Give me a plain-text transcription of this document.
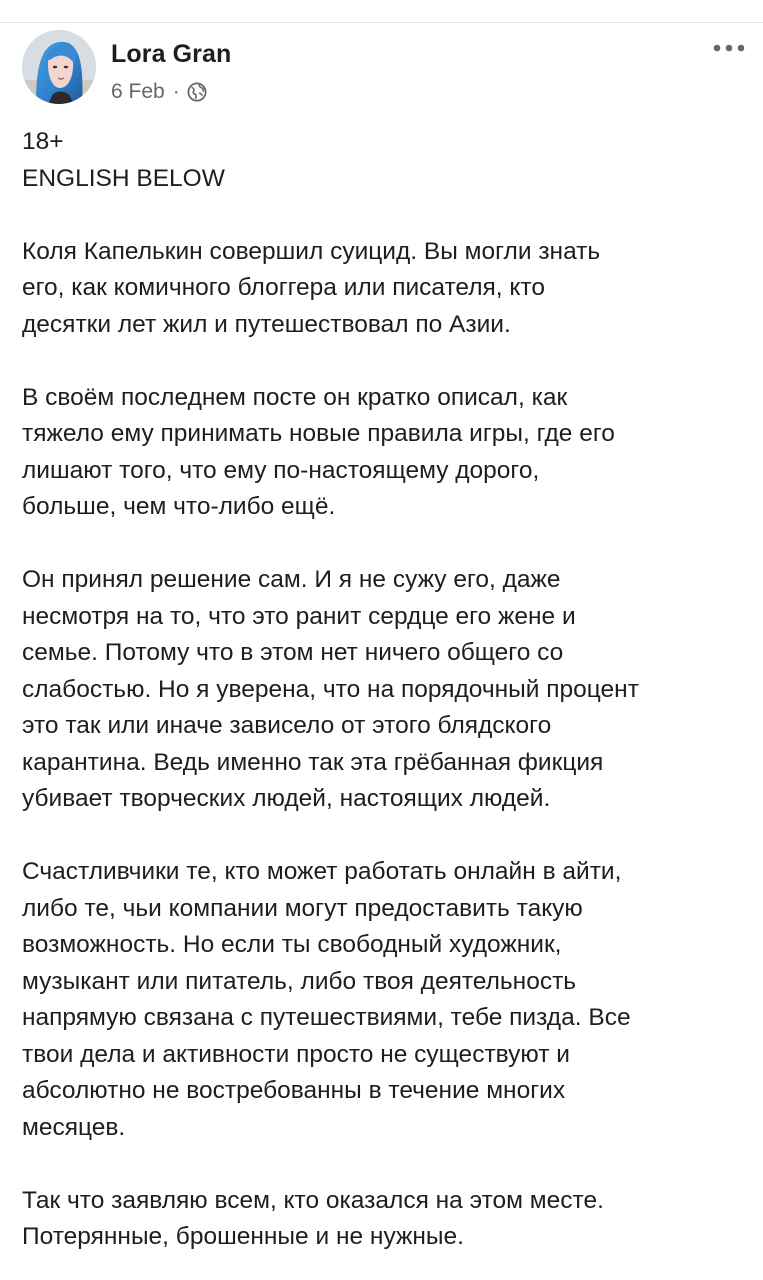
Lora Gran
6 Feb ·

18+
ENGLISH BELOW

Коля Капелькин совершил суицид. Вы могли знать
его, как комичного блоггера или писателя, кто
десятки лет жил и путешествовал по Азии.

В своём последнем посте он кратко описал, как
тяжело ему принимать новые правила игры, где его
лишают того, что ему по-настоящему дорого,
больше, чем что-либо ещё.

Он принял решение сам. И я не сужу его, даже
несмотря на то, что это ранит сердце его жене и
семье. Потому что в этом нет ничего общего со
слабостью. Но я уверена, что на порядочный процент
это так или иначе зависело от этого блядского
карантина. Ведь именно так эта грёбанная фикция
убивает творческих людей, настоящих людей.

Счастливчики те, кто может работать онлайн в айти,
либо те, чьи компании могут предоставить такую
возможность. Но если ты свободный художник,
музыкант или питатель, либо твоя деятельность
напрямую связана с путешествиями, тебе пизда. Все
твои дела и активности просто не существуют и
абсолютно не востребованны в течение многих
месяцев.

Так что заявляю всем, кто оказался на этом месте.
Потерянные, брошенные и не нужные.
